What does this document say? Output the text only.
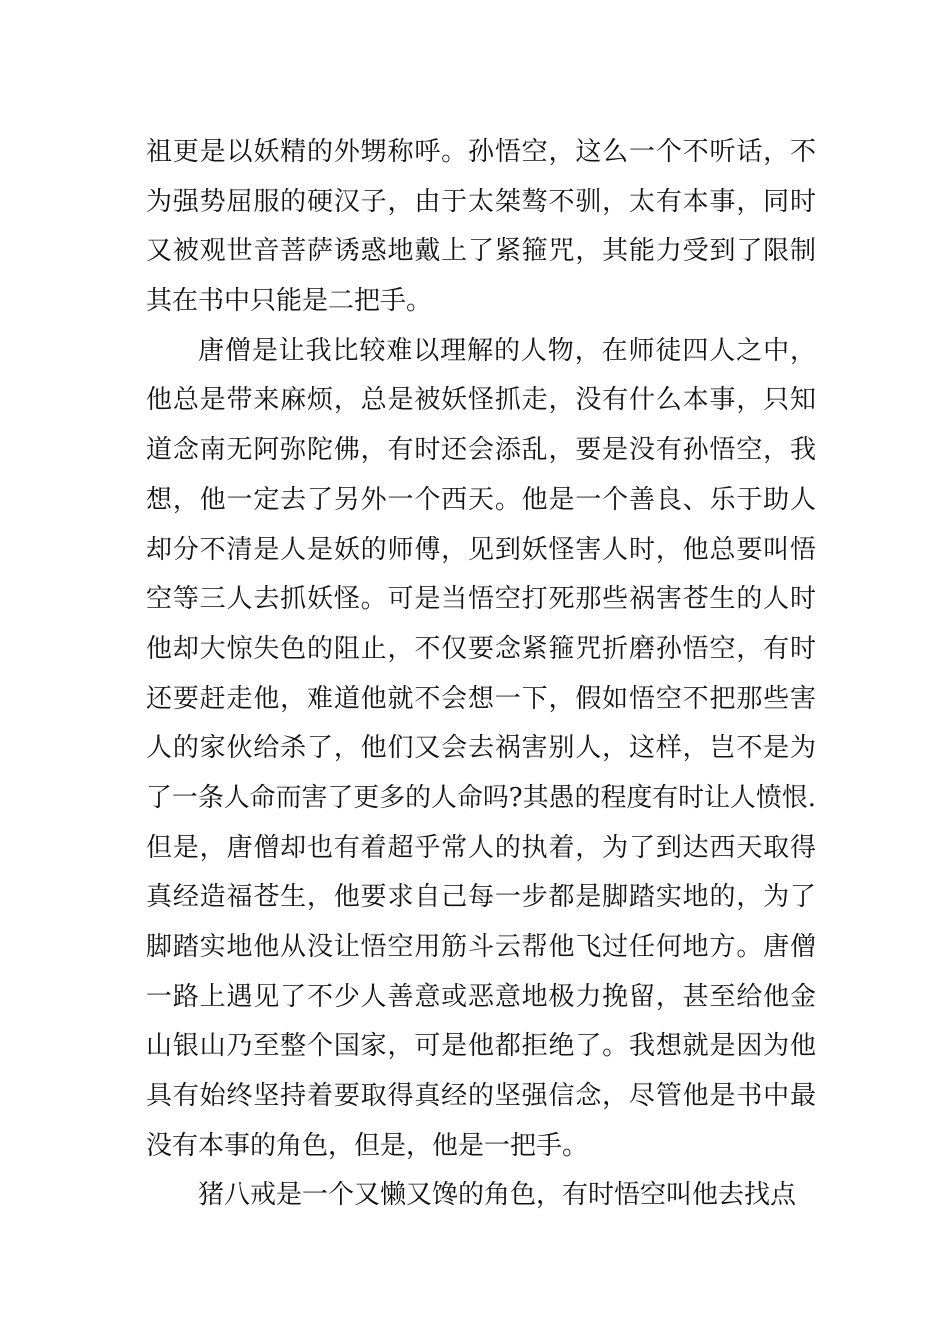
祖更是以妖精的外甥称呼。孙悟空，这么一个不听话，不
为强势屈服的硬汉子，由于太桀骜不驯，太有本事，同时
又被观世音菩萨诱惑地戴上了紧箍咒，其能力受到了限制
其在书中只能是二把手。
唐僧是让我比较难以理解的人物，在师徒四人之中，
他总是带来麻烦，总是被妖怪抓走，没有什么本事，只知
道念南无阿弥陀佛，有时还会添乱，要是没有孙悟空，我
想，他一定去了另外一个西天。他是一个善良、乐于助人
却分不清是人是妖的师傅，见到妖怪害人时，他总要叫悟
空等三人去抓妖怪。可是当悟空打死那些祸害苍生的人时
他却大惊失色的阻止，不仅要念紧箍咒折磨孙悟空，有时
还要赶走他，难道他就不会想一下，假如悟空不把那些害
人的家伙给杀了，他们又会去祸害别人，这样，岂不是为
了一条人命而害了更多的人命吗?其愚的程度有时让人愤恨.
但是，唐僧却也有着超乎常人的执着，为了到达西天取得
真经造福苍生，他要求自己每一步都是脚踏实地的，为了
脚踏实地他从没让悟空用筋斗云帮他飞过任何地方。唐僧
一路上遇见了不少人善意或恶意地极力挽留，甚至给他金
山银山乃至整个国家，可是他都拒绝了。我想就是因为他
具有始终坚持着要取得真经的坚强信念，尽管他是书中最
没有本事的角色，但是，他是一把手。
猪八戒是一个又懒又馋的角色，有时悟空叫他去找点
